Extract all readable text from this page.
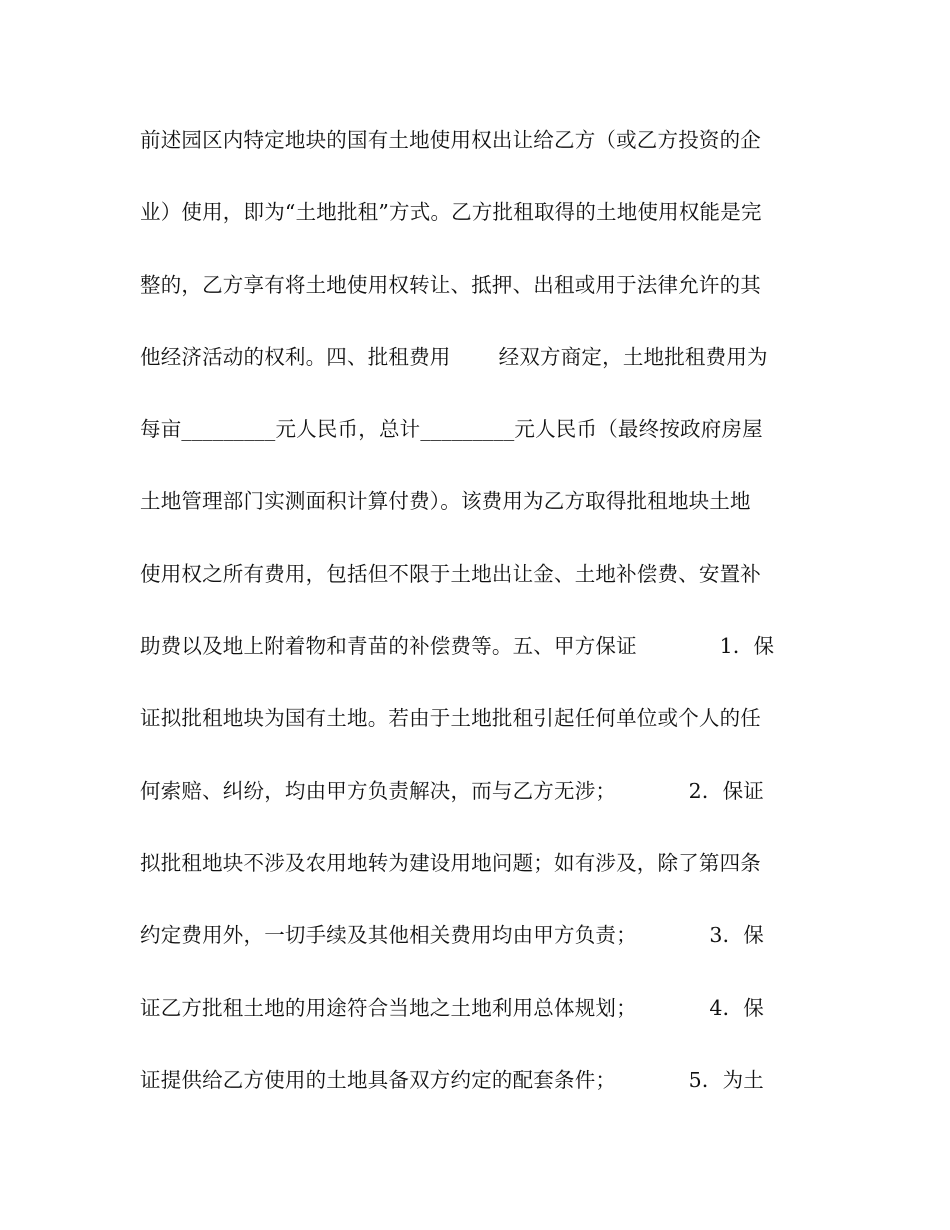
前述园区内特定地块的国有土地使用权出让给乙方（或乙方投资的企
业）使用，即为“土地批租”方式。乙方批租取得的土地使用权能是完
整的，乙方享有将土地使用权转让、抵押、出租或用于法律允许的其
他经济活动的权利。四、批租费用　　 经双方商定，土地批租费用为
每亩_________元人民币，总计_________元人民币（最终按政府房屋
土地管理部门实测面积计算付费）。该费用为乙方取得批租地块土地
使用权之所有费用，包括但不限于土地出让金、土地补偿费、安置补
助费以及地上附着物和青苗的补偿费等。五、甲方保证　　　　1．保
证拟批租地块为国有土地。若由于土地批租引起任何单位或个人的任
何索赔、纠纷，均由甲方负责解决，而与乙方无涉；　　　　2．保证
拟批租地块不涉及农用地转为建设用地问题；如有涉及，除了第四条
约定费用外，一切手续及其他相关费用均由甲方负责；　　　　3．保
证乙方批租土地的用途符合当地之土地利用总体规划；　　　　4．保
证提供给乙方使用的土地具备双方约定的配套条件；　　　　5．为土
